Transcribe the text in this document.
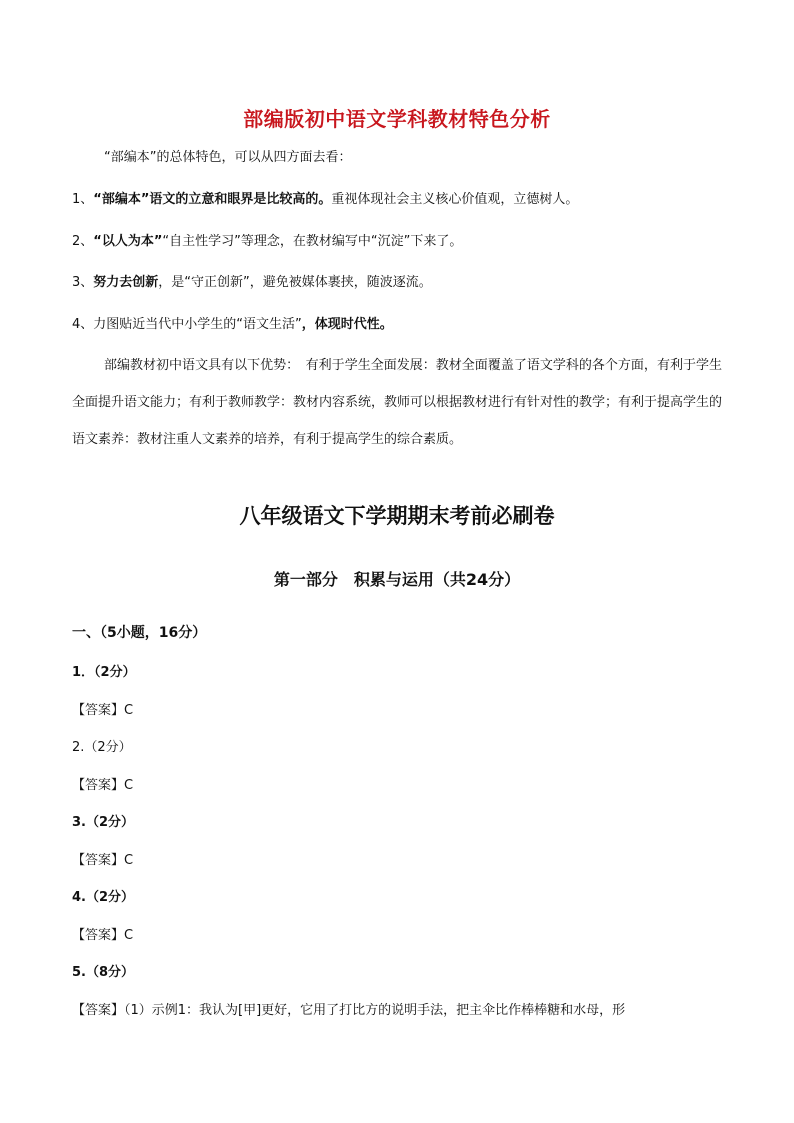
部编版初中语文学科教材特色分析
“部编本”的总体特色，可以从四方面去看：
1、“部编本”语文的立意和眼界是比较高的。重视体现社会主义核心价值观，立德树人。
2、“以人为本”“自主性学习”等理念，在教材编写中“沉淀”下来了。
3、努力去创新，是“守正创新”，避免被媒体裹挟，随波逐流。
4、力图贴近当代中小学生的“语文生活”，体现时代性。
部编教材初中语文具有以下优势：　有利于学生全面发展：教材全面覆盖了语文学科的各个方面，有利于学生全面提升语文能力；有利于教师教学：教材内容系统，教师可以根据教材进行有针对性的教学；有利于提高学生的语文素养：教材注重人文素养的培养，有利于提高学生的综合素质。
八年级语文下学期期末考前必刷卷
第一部分　积累与运用（共24分）
一、（5小题，16分）
1．（2分）
【答案】C
2.（2分）
【答案】C
3.（2分）
【答案】C
4.（2分）
【答案】C
5.（8分）
【答案】（1）示例1：我认为[甲]更好，它用了打比方的说明手法，把主伞比作棒棒糖和水母，形
